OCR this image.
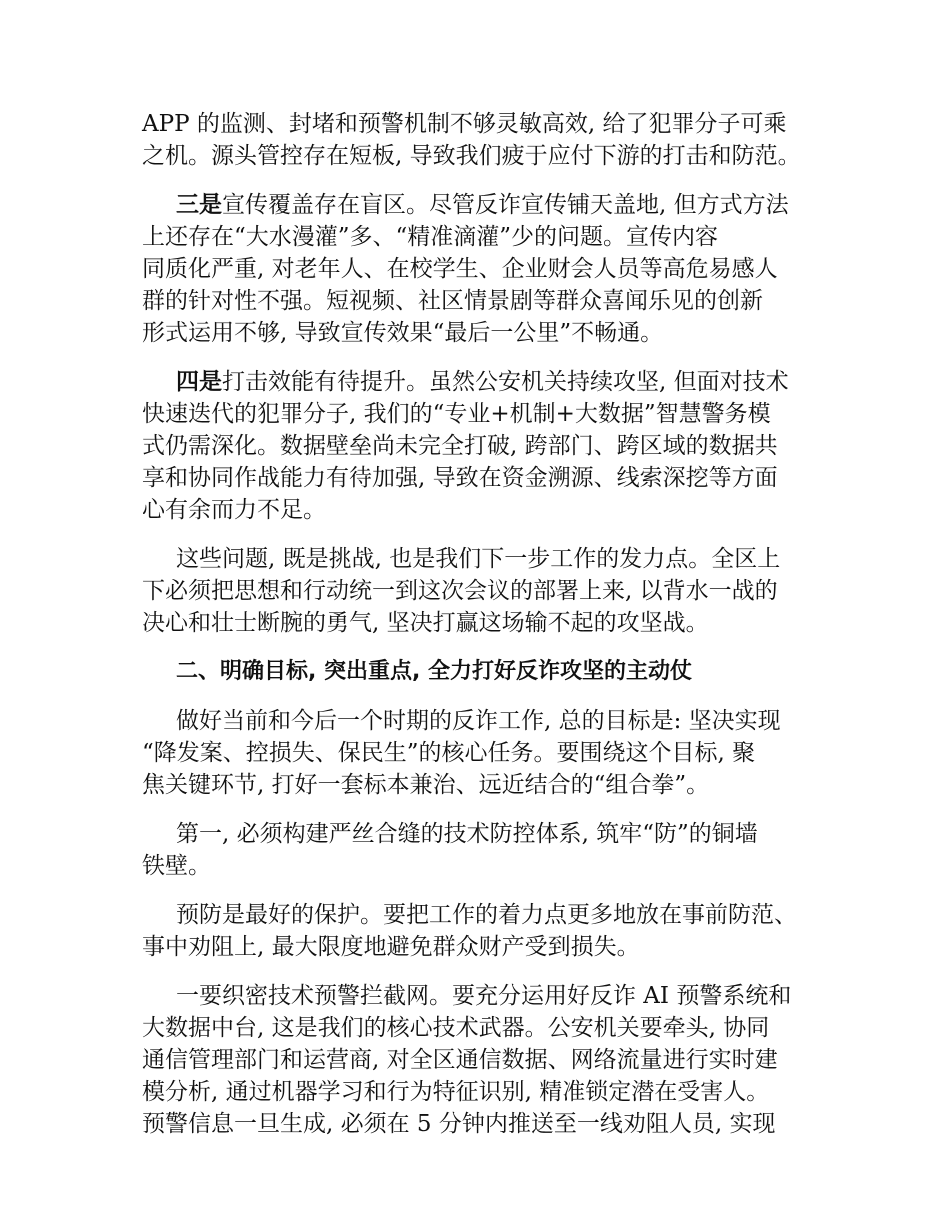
APP 的监测、封堵和预警机制不够灵敏高效, 给了犯罪分子可乘
之机。源头管控存在短板, 导致我们疲于应付下游的打击和防范。
三是宣传覆盖存在盲区。尽管反诈宣传铺天盖地, 但方式方法
上还存在“大水漫灌”多、“精准滴灌”少的问题。宣传内容
同质化严重, 对老年人、在校学生、企业财会人员等高危易感人
群的针对性不强。短视频、社区情景剧等群众喜闻乐见的创新
形式运用不够, 导致宣传效果“最后一公里”不畅通。
四是打击效能有待提升。虽然公安机关持续攻坚, 但面对技术
快速迭代的犯罪分子, 我们的“专业+机制+大数据”智慧警务模
式仍需深化。数据壁垒尚未完全打破, 跨部门、跨区域的数据共
享和协同作战能力有待加强, 导致在资金溯源、线索深挖等方面
心有余而力不足。
这些问题, 既是挑战, 也是我们下一步工作的发力点。全区上
下必须把思想和行动统一到这次会议的部署上来, 以背水一战的
决心和壮士断腕的勇气, 坚决打赢这场输不起的攻坚战。
二、明确目标, 突出重点, 全力打好反诈攻坚的主动仗
做好当前和今后一个时期的反诈工作, 总的目标是: 坚决实现
“降发案、控损失、保民生”的核心任务。要围绕这个目标, 聚
焦关键环节, 打好一套标本兼治、远近结合的“组合拳”。
第一, 必须构建严丝合缝的技术防控体系, 筑牢“防”的铜墙
铁壁。
预防是最好的保护。要把工作的着力点更多地放在事前防范、
事中劝阻上, 最大限度地避免群众财产受到损失。
一要织密技术预警拦截网。要充分运用好反诈 AI 预警系统和
大数据中台, 这是我们的核心技术武器。公安机关要牵头, 协同
通信管理部门和运营商, 对全区通信数据、网络流量进行实时建
模分析, 通过机器学习和行为特征识别, 精准锁定潜在受害人。
预警信息一旦生成, 必须在 5 分钟内推送至一线劝阻人员, 实现
